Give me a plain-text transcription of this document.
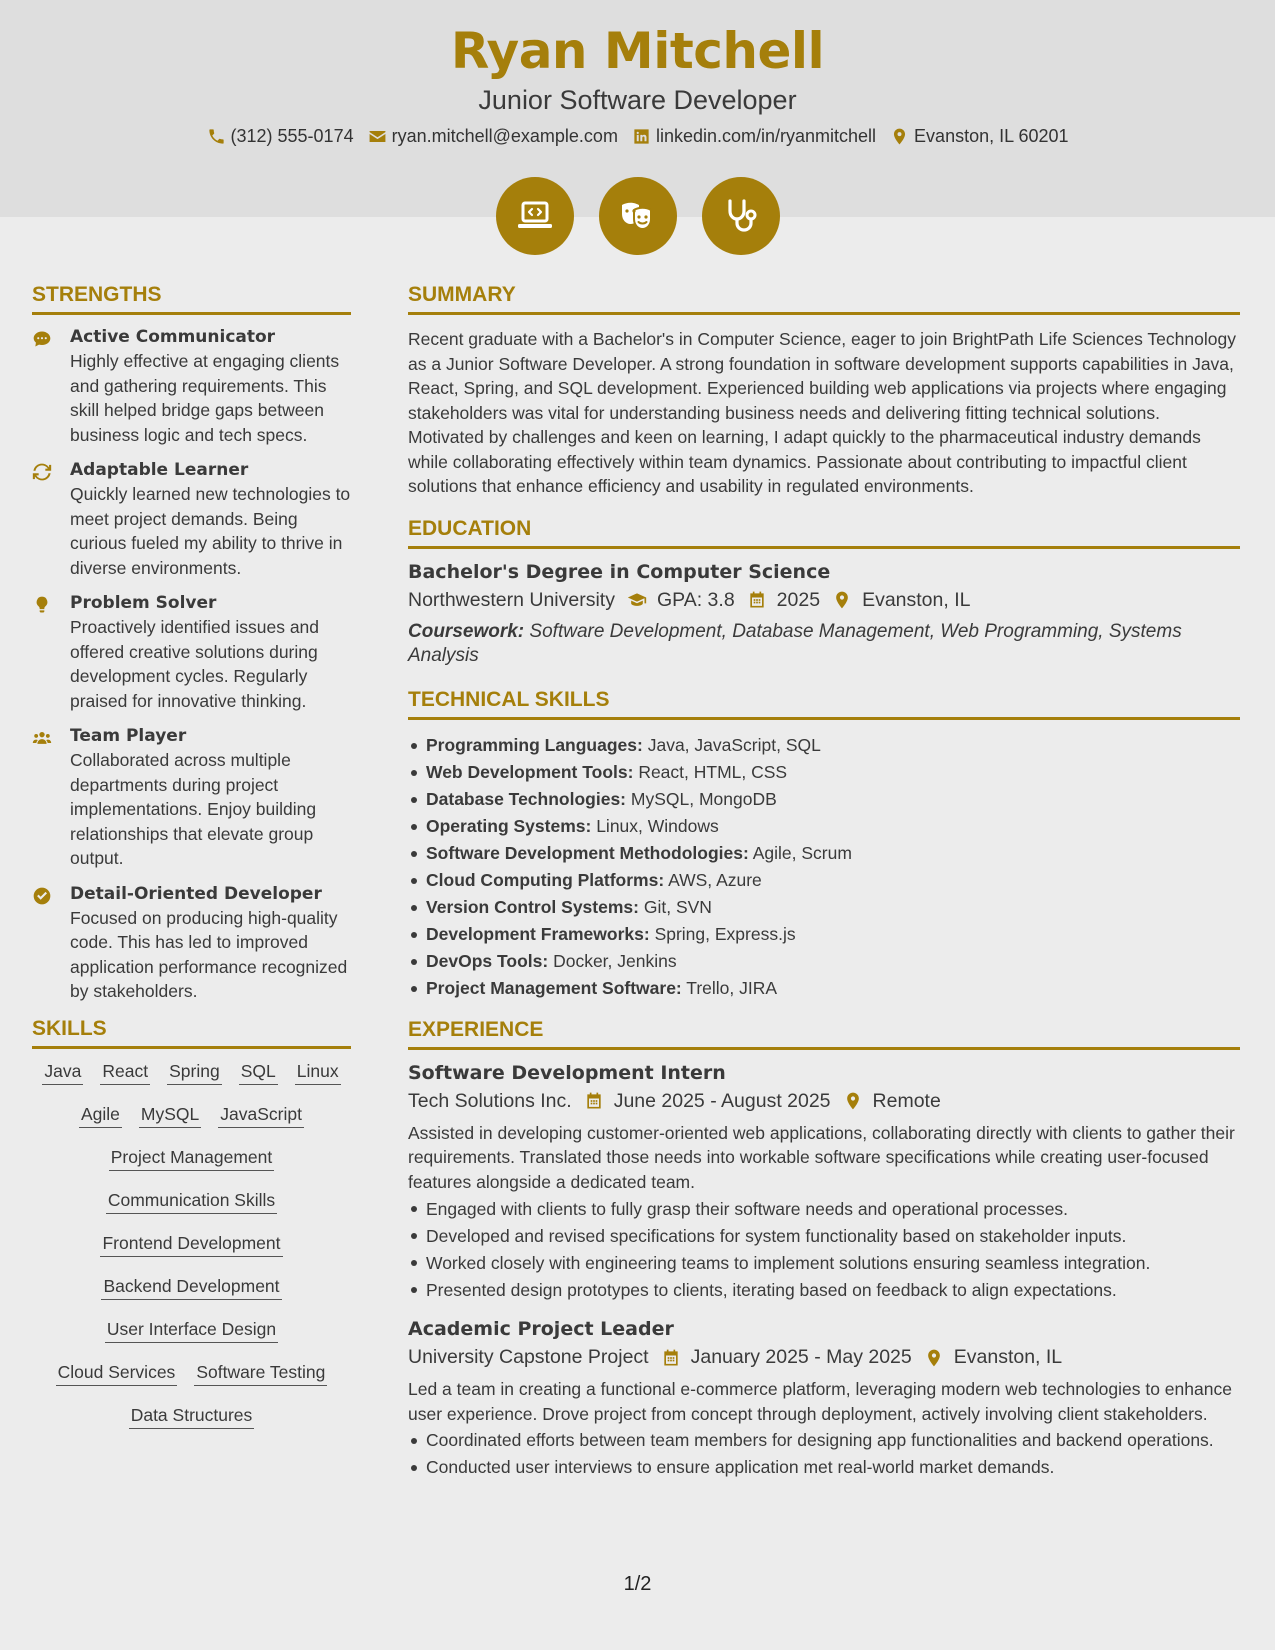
Ryan Mitchell
Junior Software Developer
(312) 555-0174 ryan.mitchell@example.com linkedin.com/in/ryanmitchell Evanston, IL 60201
STRENGTHS
Active Communicator
Highly effective at engaging clients and gathering requirements. This skill helped bridge gaps between business logic and tech specs.
Adaptable Learner
Quickly learned new technologies to meet project demands. Being curious fueled my ability to thrive in diverse environments.
Problem Solver
Proactively identified issues and offered creative solutions during development cycles. Regularly praised for innovative thinking.
Team Player
Collaborated across multiple departments during project implementations. Enjoy building relationships that elevate group output.
Detail-Oriented Developer
Focused on producing high-quality code. This has led to improved application performance recognized by stakeholders.
SKILLS
Java React Spring SQL Linux
Agile MySQL JavaScript
Project Management
Communication Skills
Frontend Development
Backend Development
User Interface Design
Cloud Services Software Testing
Data Structures
SUMMARY
Recent graduate with a Bachelor's in Computer Science, eager to join BrightPath Life Sciences Technology as a Junior Software Developer. A strong foundation in software development supports capabilities in Java, React, Spring, and SQL development. Experienced building web applications via projects where engaging stakeholders was vital for understanding business needs and delivering fitting technical solutions. Motivated by challenges and keen on learning, I adapt quickly to the pharmaceutical industry demands while collaborating effectively within team dynamics. Passionate about contributing to impactful client solutions that enhance efficiency and usability in regulated environments.
EDUCATION
Bachelor's Degree in Computer Science
Northwestern University GPA: 3.8 2025 Evanston, IL
Coursework: Software Development, Database Management, Web Programming, Systems Analysis
TECHNICAL SKILLS
Programming Languages: Java, JavaScript, SQL
Web Development Tools: React, HTML, CSS
Database Technologies: MySQL, MongoDB
Operating Systems: Linux, Windows
Software Development Methodologies: Agile, Scrum
Cloud Computing Platforms: AWS, Azure
Version Control Systems: Git, SVN
Development Frameworks: Spring, Express.js
DevOps Tools: Docker, Jenkins
Project Management Software: Trello, JIRA
EXPERIENCE
Software Development Intern
Tech Solutions Inc. June 2025 - August 2025 Remote
Assisted in developing customer-oriented web applications, collaborating directly with clients to gather their requirements. Translated those needs into workable software specifications while creating user-focused features alongside a dedicated team.
Engaged with clients to fully grasp their software needs and operational processes.
Developed and revised specifications for system functionality based on stakeholder inputs.
Worked closely with engineering teams to implement solutions ensuring seamless integration.
Presented design prototypes to clients, iterating based on feedback to align expectations.
Academic Project Leader
University Capstone Project January 2025 - May 2025 Evanston, IL
Led a team in creating a functional e-commerce platform, leveraging modern web technologies to enhance user experience. Drove project from concept through deployment, actively involving client stakeholders.
Coordinated efforts between team members for designing app functionalities and backend operations.
Conducted user interviews to ensure application met real-world market demands.
1/2
